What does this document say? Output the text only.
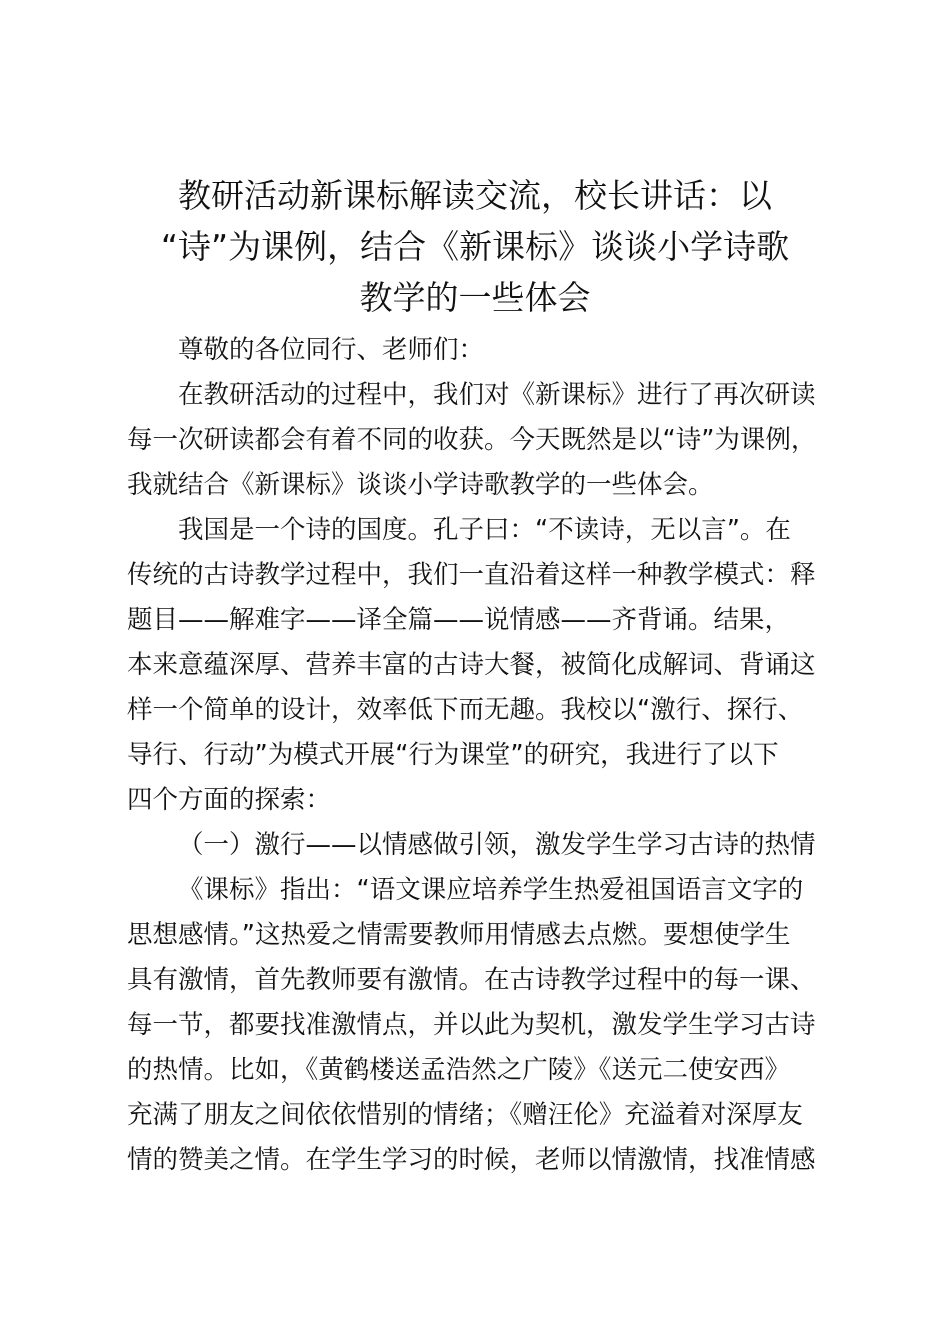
教研活动新课标解读交流，校长讲话：以
“诗”为课例，结合《新课标》谈谈小学诗歌
教学的一些体会
尊敬的各位同行、老师们：
在教研活动的过程中，我们对《新课标》进行了再次研读
每一次研读都会有着不同的收获。今天既然是以“诗”为课例，
我就结合《新课标》谈谈小学诗歌教学的一些体会。
我国是一个诗的国度。孔子曰：“不读诗，无以言”。在
传统的古诗教学过程中，我们一直沿着这样一种教学模式：释
题目——解难字——译全篇——说情感——齐背诵。结果，
本来意蕴深厚、营养丰富的古诗大餐，被简化成解词、背诵这
样一个简单的设计，效率低下而无趣。我校以“激行、探行、
导行、行动”为模式开展“行为课堂”的研究，我进行了以下
四个方面的探索：
（一）激行——以情感做引领，激发学生学习古诗的热情
《课标》指出：“语文课应培养学生热爱祖国语言文字的
思想感情。”这热爱之情需要教师用情感去点燃。要想使学生
具有激情，首先教师要有激情。在古诗教学过程中的每一课、
每一节，都要找准激情点，并以此为契机，激发学生学习古诗
的热情。比如，《黄鹤楼送孟浩然之广陵》《送元二使安西》
充满了朋友之间依依惜别的情绪；《赠汪伦》充溢着对深厚友
情的赞美之情。在学生学习的时候，老师以情激情，找准情感
